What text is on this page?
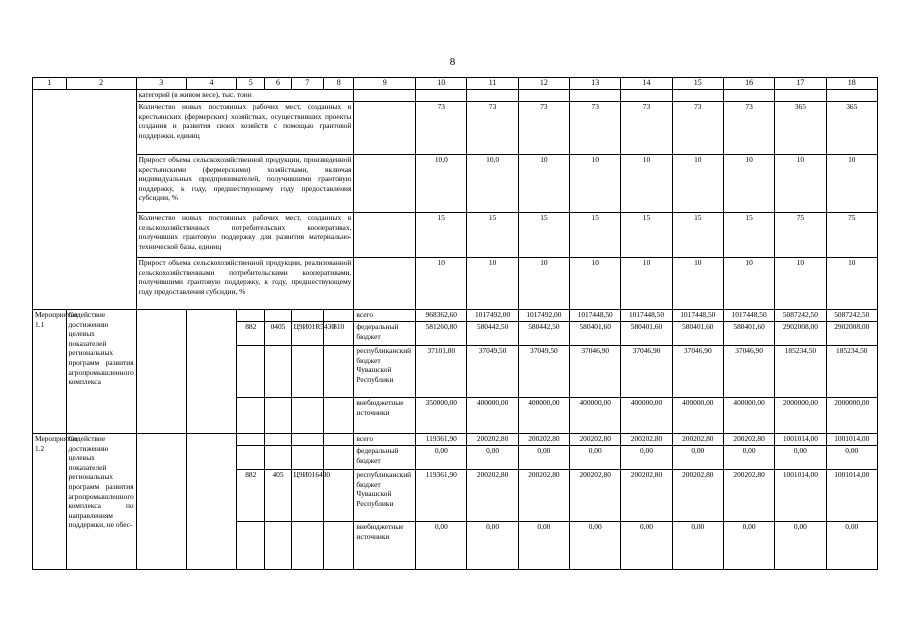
8
1	2	3	4	5	6	7	8	9	10	11	12	13	14	15	16	17	18
		категорий (в живом весе), тыс. тонн															
		Количество новых постоянных рабочих мест, созданных в крестьянских (фермерских) хозяйствах, осуществивших проекты создания и развития своих хозяйств с помощью грантовой поддержки, единиц							73	73	73	73	73	73	73	365	365
		Прирост объема сельскохозяйственной продукции, произведенной крестьянскими (фермерскими) хозяйствами, включая индивидуальных предпринимателей, получившими грантовую поддержку, к году, предшествующему году предоставления субсидии, %							10,0	10,0	10	10	10	10	10	10	10
		Количество новых постоянных рабочих мест, созданных в сельскохозяйственных потребительских кооперативах, получивших грантовую поддержку для развития материально-технической базы, единиц							15	15	15	15	15	15	15	75	75
		Прирост объема сельскохозяйственной продукции, реализованной сельскохозяйственными потребительскими кооперативами, получившими грантовую поддержку, к году, предшествующему году предоставления субсидии, %							10	10	10	10	10	10	10	10	10
Мероприятие 1.1	Содействие достижению целевых показателей региональных программ развития агропромышленного комплекса							всего	968362,60	1017492,00	1017492,00	1017448,50	1017448,50	1017448,50	1017448,50	5087242,50	5087242,50
				882	0405	Ц9И01R5430	810	федеральный бюджет	581260,80	580442,50	580442,50	580401,60	580401,60	580401,60	580401,60	2902008,00	2902008,00
								республиканский бюджет Чувашской Республики	37101,80	37049,50	37049,50	37046,90	37046,90	37046,90	37046,90	185234,50	185234,50
								внебюджетные источники	350000,00	400000,00	400000,00	400000,00	400000,00	400000,00	400000,00	2000000,00	2000000,00
Мероприятие 1.2	Содействие достижению целевых показателей региональных программ развития агропромышленного комплекса по направлениям поддержки, не обес-							всего	119361,90	200202,80	200202,80	200202,80	200202,80	200202,80	200202,80	1001014,00	1001014,00
								федеральный бюджет	0,00	0,00	0,00	0,00	0,00	0,00	0,00	0,00	0,00
				882	405	Ц9И016430		республиканский бюджет Чувашской Республики	119361,90	200202,80	200202,80	200202,80	200202,80	200202,80	200202,80	1001014,00	1001014,00
								внебюджетные источники	0,00	0,00	0,00	0,00	0,00	0,00	0,00	0,00	0,00
